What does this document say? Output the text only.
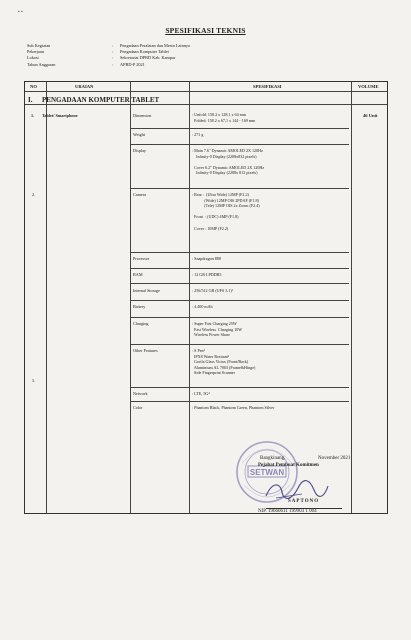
▪ ▪
SPESIFIKASI TEKNIS
Sub Kegiatan	:	Pengadaan Peralatan dan Mesin Lainnya
Pekerjaan	:	Pengadaan Komputer Tablet
Lokasi	:	Sekretariat DPRD Kab. Kampar
Tahun Anggaran	:	APBD-P 2021
NO	URAIAN	SPESIFIKASI	VOLUME
I. PENGADAAN KOMPUTER TABLET
1. Tablet/ Smartphone	46 Unit
2.
3.
Dimension	: Unfold: 158.2 x 128,1 x 64 mm
Folded: 158.2 x 67,1 x 144 - 169 mm
Weight	: 271 g
Display	: Main 7.6" Dynamic AMOLED 2X 120Hz
Infinity-0 Display (2208x832 pixels)

Cover 6.2" Dynamic AMOLED 2X 120Hz
Infinity-0 Display (2208x 812 pixels)
Camera	: Rear :  (Ultra Wide) 12MP (F2.2)
(Wide) 12MP OIS 2PDAF (F1.8)
(Tele) 12MP OIS 2x Zoom (F2.4)

Front  : (UDC) 4MP (F1.8)

Cover : 10MP (F2.2)
Processor	: Snapdragon 888
RAM	: 12 GB LPDDR5
Internal Storage	: 256/512 GB (UFS 3.1)¹
Battery	: 4.400 mAh
Charging	: Super Fast Charging 25W
Fast Wireless  Charging 10W
Wireless Power Share
Other Features	: S Pen²
IPX8 Water Resitant³
Gorila Glass Victus (Front/Back)
Aluminium AL 7003 (Frame&Hinge)
Side Fingerprint Scanner
Network	: LTE, 5G⁴
Color	: Phantom Black, Phantom Green, Phantom Silver
SETWAN
Bangkinang,	November 2021
Pejabat Pembuat Komitmen
SAPTONO
NIP. 19660611 199903 1 004
